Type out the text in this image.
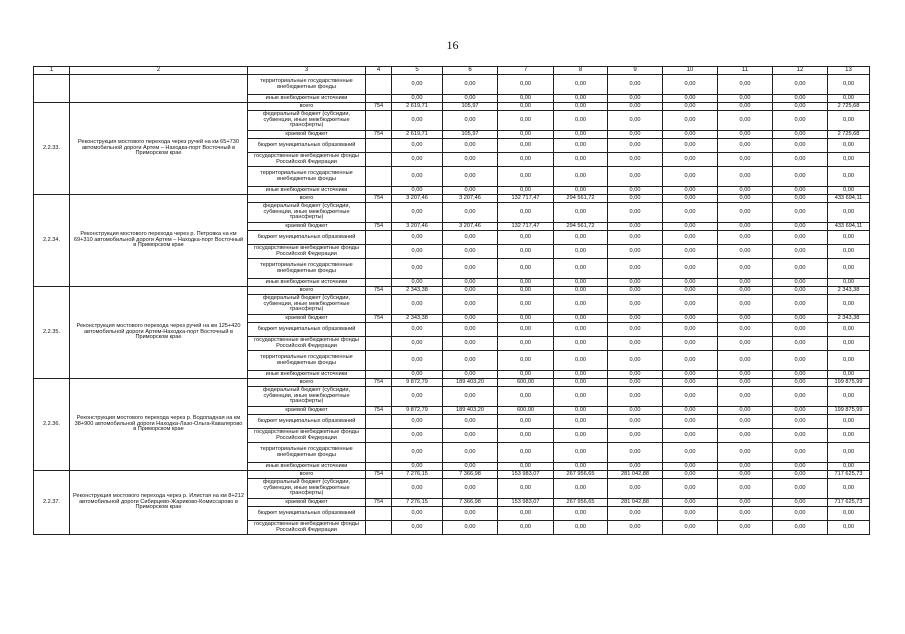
16
1	2	3	4	5	6	7	8	9	10	11	12	13
		территориальные государственные внебюджетные фонды		0,00	0,00	0,00	0,00	0,00	0,00	0,00	0,00	0,00
		иные внебюджетные источники		0,00	0,00	0,00	0,00	0,00	0,00	0,00	0,00	0,00
2.2.33.	Реконструкция мостового перехода через ручей на км 65+730 автомобильной дороги Артем – Находка-порт Восточный в Приморском крае	всего	754	2 619,71	105,97	0,00	0,00	0,00	0,00	0,00	0,00	2 725,68
		федеральный бюджет (субсидии, субвенции, иные межбюджетные трансферты)		0,00	0,00	0,00	0,00	0,00	0,00	0,00	0,00	0,00
		краевой бюджет	754	2 619,71	105,97	0,00	0,00	0,00	0,00	0,00	0,00	2 725,68
		бюджет муниципальных образований		0,00	0,00	0,00	0,00	0,00	0,00	0,00	0,00	0,00
		государственные внебюджетные фонды Российской Федерации		0,00	0,00	0,00	0,00	0,00	0,00	0,00	0,00	0,00
		территориальные государственные внебюджетные фонды		0,00	0,00	0,00	0,00	0,00	0,00	0,00	0,00	0,00
		иные внебюджетные источники		0,00	0,00	0,00	0,00	0,00	0,00	0,00	0,00	0,00
2.2.34.	Реконструкция мостового перехода через р. Петровка на км 69+310 автомобильной дороги Артем – Находка-порт Восточный в Приморском крае	всего	754	3 207,46	3 207,46	132 717,47	294 561,72	0,00	0,00	0,00	0,00	433 694,11
		федеральный бюджет (субсидии, субвенции, иные межбюджетные трансферты)		0,00	0,00	0,00	0,00	0,00	0,00	0,00	0,00	0,00
		краевой бюджет	754	3 207,46	3 207,46	132 717,47	294 561,72	0,00	0,00	0,00	0,00	433 694,11
		бюджет муниципальных образований		0,00	0,00	0,00	0,00	0,00	0,00	0,00	0,00	0,00
		государственные внебюджетные фонды Российской Федерации		0,00	0,00	0,00	0,00	0,00	0,00	0,00	0,00	0,00
		территориальные государственные внебюджетные фонды		0,00	0,00	0,00	0,00	0,00	0,00	0,00	0,00	0,00
		иные внебюджетные источники		0,00	0,00	0,00	0,00	0,00	0,00	0,00	0,00	0,00
2.2.35.	Реконструкция мостового перехода через ручей на км 125+420 автомобильной дороги Артем-Находка-порт Восточный в Приморском крае	всего	754	2 343,38	0,00	0,00	0,00	0,00	0,00	0,00	0,00	2 343,38
		федеральный бюджет (субсидии, субвенции, иные межбюджетные трансферты)		0,00	0,00	0,00	0,00	0,00	0,00	0,00	0,00	0,00
		краевой бюджет	754	2 343,38	0,00	0,00	0,00	0,00	0,00	0,00	0,00	2 343,38
		бюджет муниципальных образований		0,00	0,00	0,00	0,00	0,00	0,00	0,00	0,00	0,00
		государственные внебюджетные фонды Российской Федерации		0,00	0,00	0,00	0,00	0,00	0,00	0,00	0,00	0,00
		территориальные государственные внебюджетные фонды		0,00	0,00	0,00	0,00	0,00	0,00	0,00	0,00	0,00
		иные внебюджетные источники		0,00	0,00	0,00	0,00	0,00	0,00	0,00	0,00	0,00
2.2.36.	Реконструкция мостового перехода через р. Водопадная на км 38+900 автомобильной дороги Находка-Лазо-Ольга-Кавалерово в Приморском крае	всего	754	9 872,79	189 403,20	600,00	0,00	0,00	0,00	0,00	0,00	199 875,99
		федеральный бюджет (субсидии, субвенции, иные межбюджетные трансферты)		0,00	0,00	0,00	0,00	0,00	0,00	0,00	0,00	0,00
		краевой бюджет	754	9 872,79	189 403,20	600,00	0,00	0,00	0,00	0,00	0,00	199 875,99
		бюджет муниципальных образований		0,00	0,00	0,00	0,00	0,00	0,00	0,00	0,00	0,00
		государственные внебюджетные фонды Российской Федерации		0,00	0,00	0,00	0,00	0,00	0,00	0,00	0,00	0,00
		территориальные государственные внебюджетные фонды		0,00	0,00	0,00	0,00	0,00	0,00	0,00	0,00	0,00
		иные внебюджетные источники		0,00	0,00	0,00	0,00	0,00	0,00	0,00	0,00	0,00
2.2.37.	Реконструкция мостового перехода через р. Илистая на км 8+212 автомобильной дороги Сибирцево-Жариково-Комиссарово в Приморском крае	всего	754	7 276,15	7 366,98	153 983,07	267 956,65	281 042,88	0,00	0,00	0,00	717 625,73
		федеральный бюджет (субсидии, субвенции, иные межбюджетные трансферты)		0,00	0,00	0,00	0,00	0,00	0,00	0,00	0,00	0,00
		краевой бюджет	754	7 276,15	7 366,98	153 983,07	267 956,65	281 042,88	0,00	0,00	0,00	717 625,73
		бюджет муниципальных образований		0,00	0,00	0,00	0,00	0,00	0,00	0,00	0,00	0,00
		государственные внебюджетные фонды Российской Федерации		0,00	0,00	0,00	0,00	0,00	0,00	0,00	0,00	0,00
